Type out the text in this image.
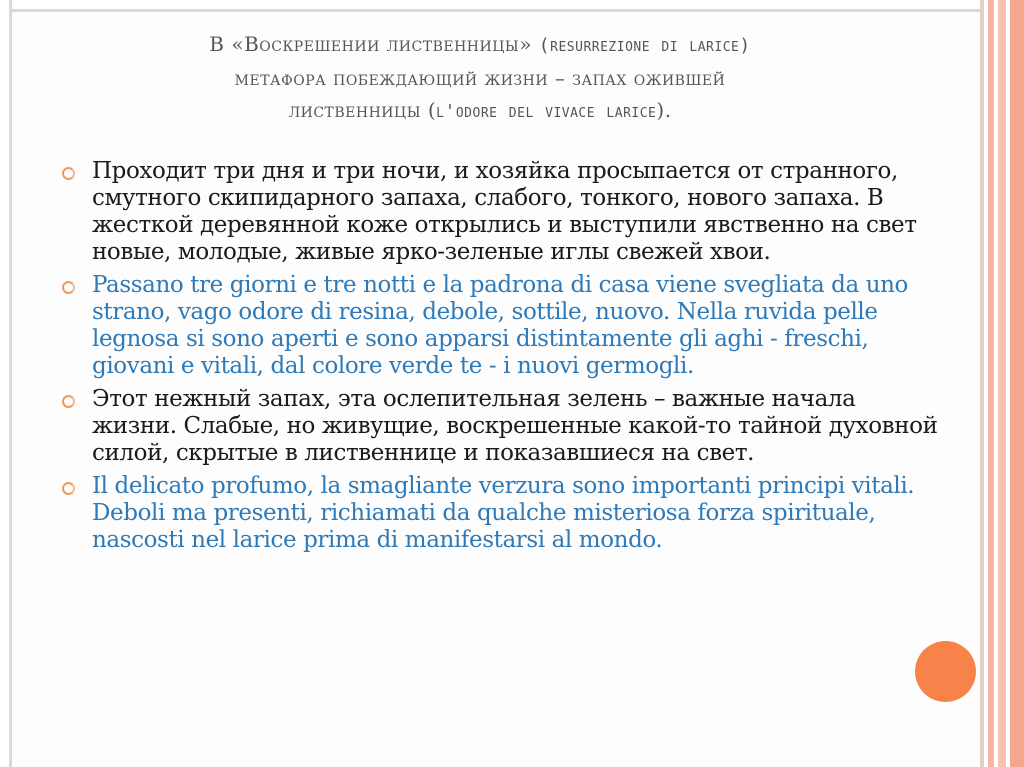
В «Воскрешении лиственницы» (resurrezione di larice)
метафора побеждающий жизни – запах ожившей
лиственницы (l'odore del vivace larice).
Проходит три дня и три ночи, и хозяйка просыпается от странного, смутного скипидарного запаха, слабого, тонкого, нового запаха. В жесткой деревянной коже открылись и выступили явственно на свет новые, молодые, живые ярко-зеленые иглы свежей хвои.
Passano tre giorni e tre notti e la padrona di casa viene svegliata da uno strano, vago odore di resina, debole, sottile, nuovo. Nella ruvida pelle legnosa si sono aperti e sono apparsi distintamente gli aghi - freschi, giovani e vitali, dal colore verde te - i nuovi germogli.
Этот нежный запах, эта ослепительная зелень – важные начала жизни. Слабые, но живущие, воскрешенные какой-то тайной духовной силой, скрытые в лиственнице и показавшиеся на свет.
Il delicato profumo, la smagliante verzura sono importanti principi vitali. Deboli ma presenti, richiamati da qualche misteriosa forza spirituale, nascosti nel larice prima di manifestarsi al mondo.
